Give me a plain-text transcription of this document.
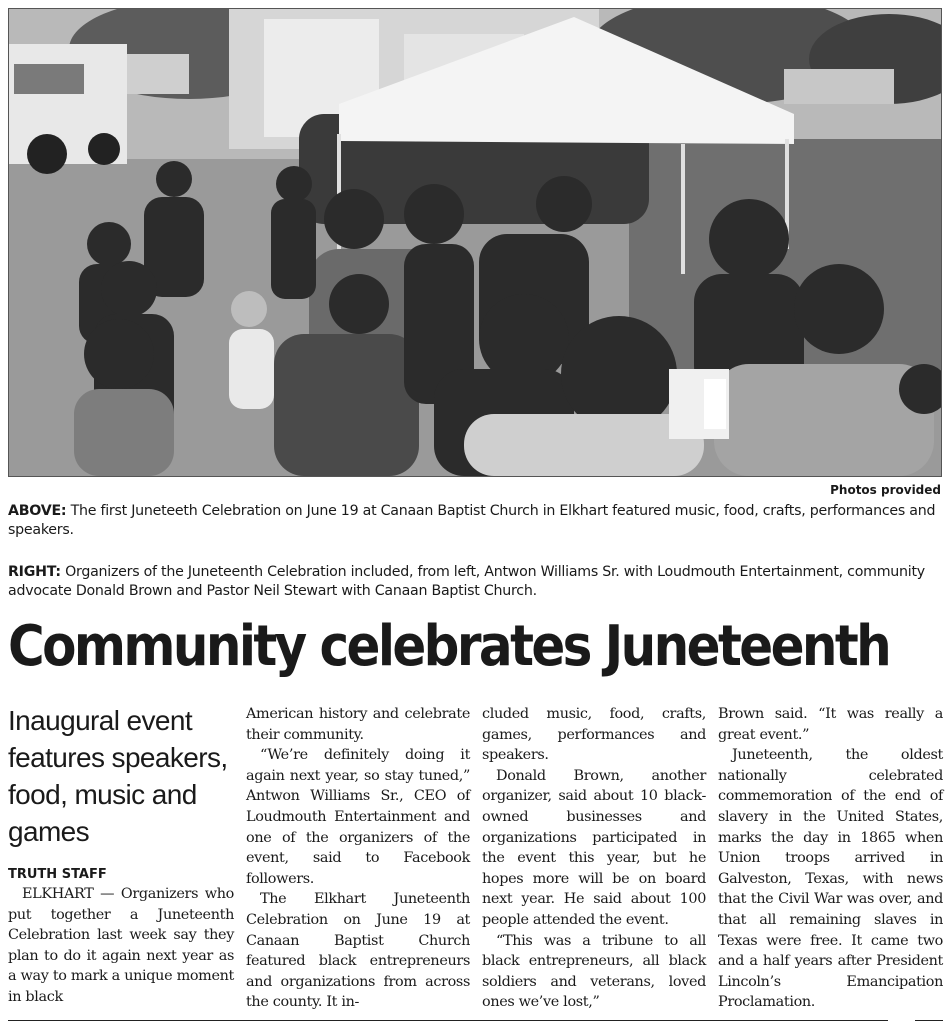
Photos provided
ABOVE: The first Juneteeth Celebration on June 19 at Canaan Baptist Church in Elkhart featured music, food, crafts, performances and speakers.
RIGHT: Organizers of the Juneteenth Celebration included, from left, Antwon Williams Sr. with Loudmouth Entertainment, community advocate Donald Brown and Pastor Neil Stewart with Canaan Baptist Church.
Community celebrates Juneteenth
Inaugural event features speakers, food, music and games
TRUTH STAFF

ELKHART — Organizers who put together a Juneteenth Celebration last week say they plan to do it again next year as a way to mark a unique moment in black

American history and celebrate their community.

“We’re definitely doing it again next year, so stay tuned,” Antwon Williams Sr., CEO of Loudmouth Entertainment and one of the organizers of the event, said to Facebook followers.

The Elkhart Juneteenth Celebration on June 19 at Canaan Baptist Church featured black entrepreneurs and organizations from across the county. It in-

cluded music, food, crafts, games, performances and speakers.

Donald Brown, another organizer, said about 10 black-owned businesses and organizations participated in the event this year, but he hopes more will be on board next year. He said about 100 people attended the event.

“This was a tribune to all black entrepreneurs, all black soldiers and veterans, loved ones we’ve lost,”

Brown said. “It was really a great event.”

Juneteenth, the oldest nationally celebrated commemoration of the end of slavery in the United States, marks the day in 1865 when Union troops arrived in Galveston, Texas, with news that the Civil War was over, and that all remaining slaves in Texas were free. It came two and a half years after President Lincoln’s Emancipation Proclamation.
